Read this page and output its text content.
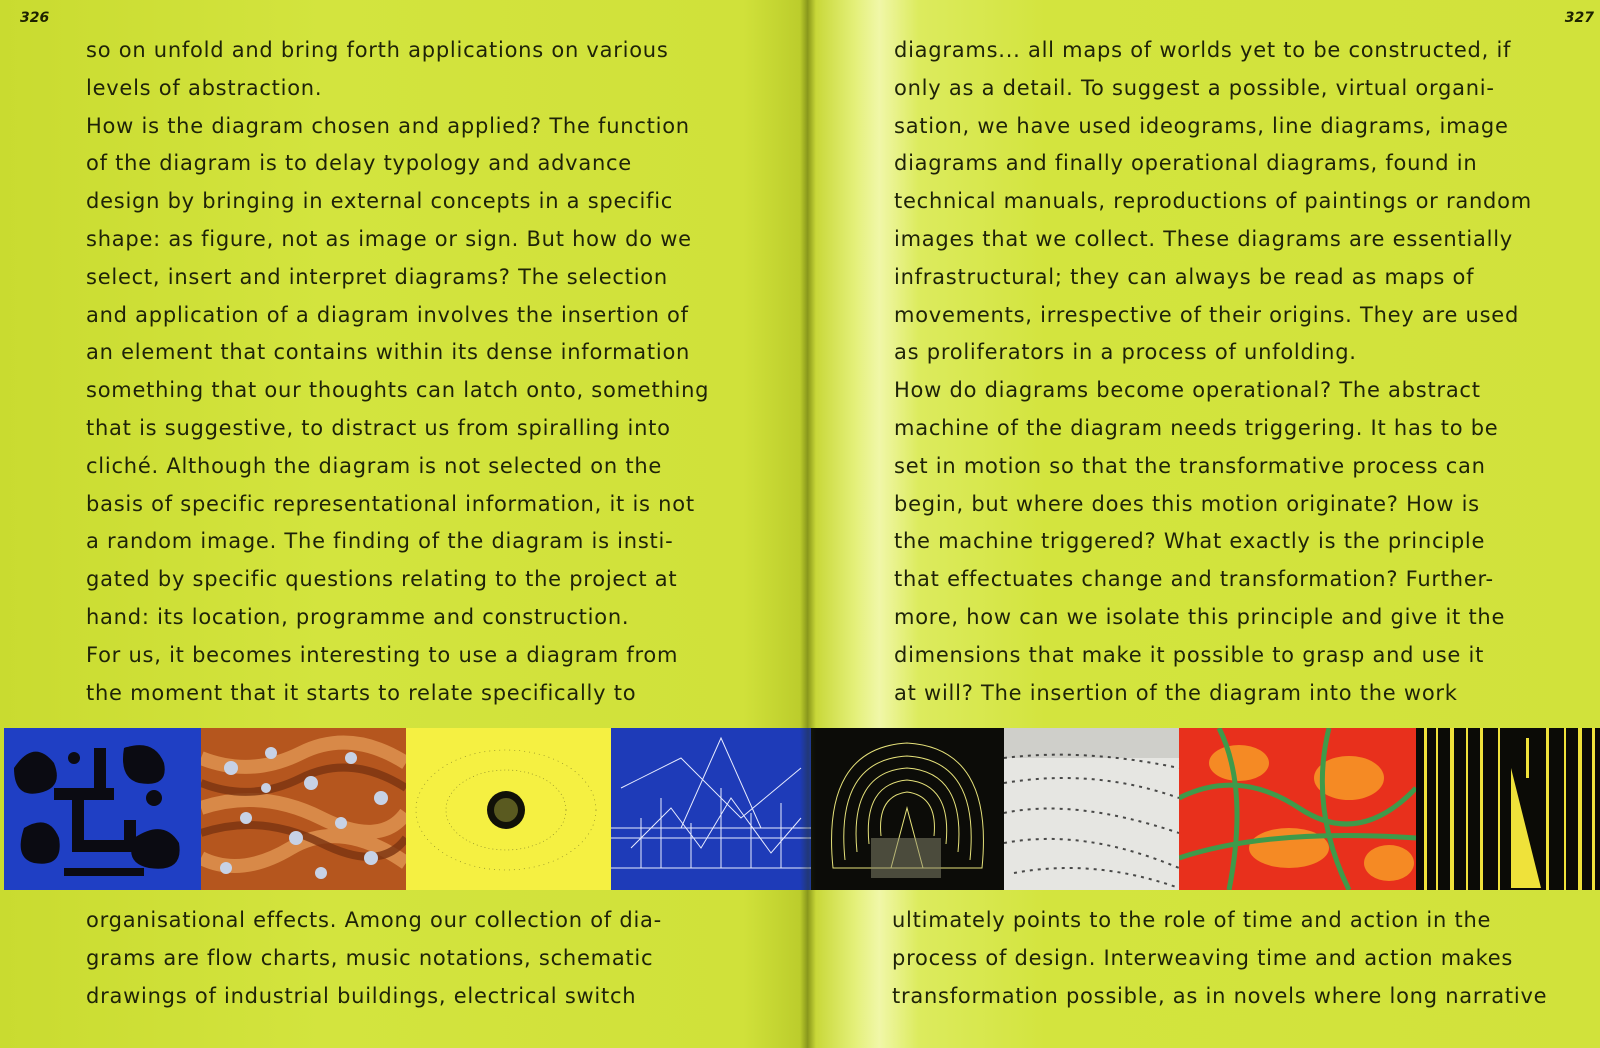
326

so on unfold and bring forth applications on various
levels of abstraction.
How is the diagram chosen and applied? The function
of the diagram is to delay typology and advance
design by bringing in external concepts in a specific
shape: as figure, not as image or sign. But how do we
select, insert and interpret diagrams? The selection
and application of a diagram involves the insertion of
an element that contains within its dense information
something that our thoughts can latch onto, something
that is suggestive, to distract us from spiralling into
cliché. Although the diagram is not selected on the
basis of specific representational information, it is not
a random image. The finding of the diagram is insti-
gated by specific questions relating to the project at
hand: its location, programme and construction.
For us, it becomes interesting to use a diagram from
the moment that it starts to relate specifically to

organisational effects. Among our collection of dia-
grams are flow charts, music notations, schematic
drawings of industrial buildings, electrical switch

327

diagrams... all maps of worlds yet to be constructed, if
only as a detail. To suggest a possible, virtual organi-
sation, we have used ideograms, line diagrams, image
diagrams and finally operational diagrams, found in
technical manuals, reproductions of paintings or random
images that we collect. These diagrams are essentially
infrastructural; they can always be read as maps of
movements, irrespective of their origins. They are used
as proliferators in a process of unfolding.
How do diagrams become operational? The abstract
machine of the diagram needs triggering. It has to be
set in motion so that the transformative process can
begin, but where does this motion originate? How is
the machine triggered? What exactly is the principle
that effectuates change and transformation? Further-
more, how can we isolate this principle and give it the
dimensions that make it possible to grasp and use it
at will? The insertion of the diagram into the work

ultimately points to the role of time and action in the
process of design. Interweaving time and action makes
transformation possible, as in novels where long narrative
